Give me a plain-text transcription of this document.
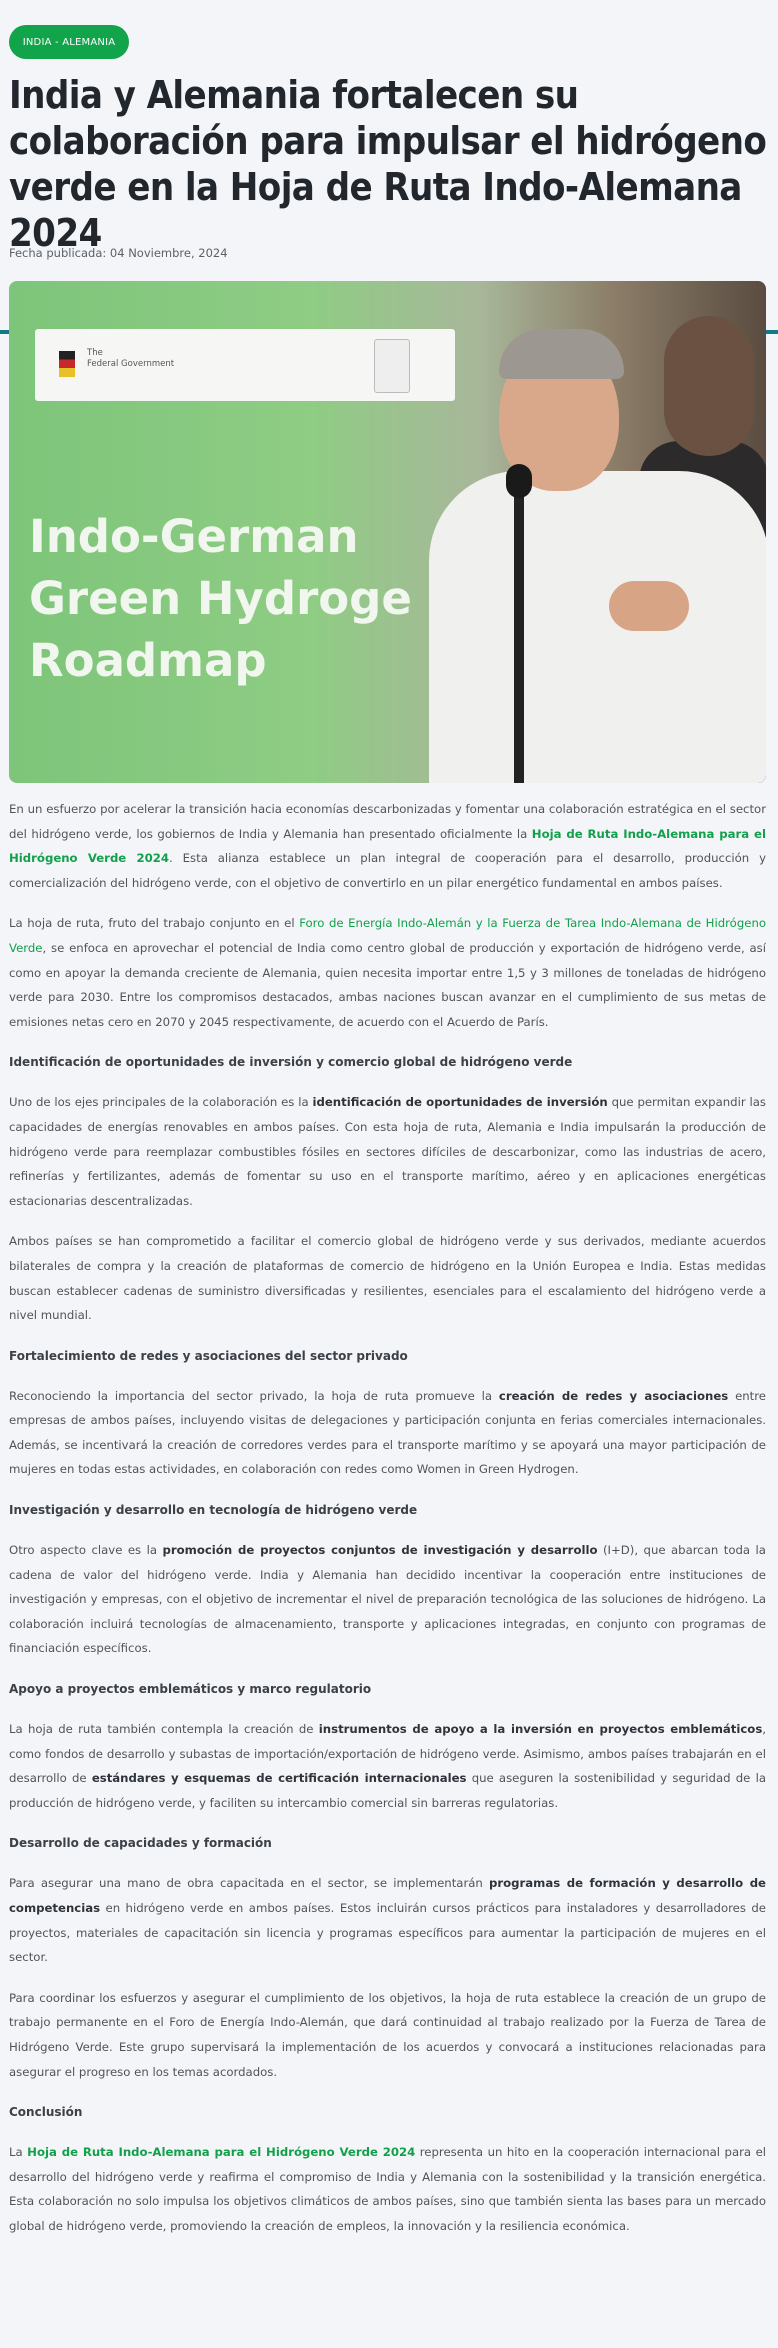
INDIA - ALEMANIA
India y Alemania fortalecen su colaboración para impulsar el hidrógeno verde en la Hoja de Ruta Indo-Alemana 2024
Fecha publicada: 04 Noviembre, 2024
The
Federal Government
Indo-German
Green Hydroge
Roadmap

En un esfuerzo por acelerar la transición hacia economías descarbonizadas y fomentar una colaboración estratégica en el sector del hidrógeno verde, los gobiernos de India y Alemania han presentado oficialmente la Hoja de Ruta Indo-Alemana para el Hidrógeno Verde 2024. Esta alianza establece un plan integral de cooperación para el desarrollo, producción y comercialización del hidrógeno verde, con el objetivo de convertirlo en un pilar energético fundamental en ambos países.

La hoja de ruta, fruto del trabajo conjunto en el Foro de Energía Indo-Alemán y la Fuerza de Tarea Indo-Alemana de Hidrógeno Verde, se enfoca en aprovechar el potencial de India como centro global de producción y exportación de hidrógeno verde, así como en apoyar la demanda creciente de Alemania, quien necesita importar entre 1,5 y 3 millones de toneladas de hidrógeno verde para 2030. Entre los compromisos destacados, ambas naciones buscan avanzar en el cumplimiento de sus metas de emisiones netas cero en 2070 y 2045 respectivamente, de acuerdo con el Acuerdo de París.

Identificación de oportunidades de inversión y comercio global de hidrógeno verde

Uno de los ejes principales de la colaboración es la identificación de oportunidades de inversión que permitan expandir las capacidades de energías renovables en ambos países. Con esta hoja de ruta, Alemania e India impulsarán la producción de hidrógeno verde para reemplazar combustibles fósiles en sectores difíciles de descarbonizar, como las industrias de acero, refinerías y fertilizantes, además de fomentar su uso en el transporte marítimo, aéreo y en aplicaciones energéticas estacionarias descentralizadas.

Ambos países se han comprometido a facilitar el comercio global de hidrógeno verde y sus derivados, mediante acuerdos bilaterales de compra y la creación de plataformas de comercio de hidrógeno en la Unión Europea e India. Estas medidas buscan establecer cadenas de suministro diversificadas y resilientes, esenciales para el escalamiento del hidrógeno verde a nivel mundial.

Fortalecimiento de redes y asociaciones del sector privado

Reconociendo la importancia del sector privado, la hoja de ruta promueve la creación de redes y asociaciones entre empresas de ambos países, incluyendo visitas de delegaciones y participación conjunta en ferias comerciales internacionales. Además, se incentivará la creación de corredores verdes para el transporte marítimo y se apoyará una mayor participación de mujeres en todas estas actividades, en colaboración con redes como Women in Green Hydrogen.

Investigación y desarrollo en tecnología de hidrógeno verde

Otro aspecto clave es la promoción de proyectos conjuntos de investigación y desarrollo (I+D), que abarcan toda la cadena de valor del hidrógeno verde. India y Alemania han decidido incentivar la cooperación entre instituciones de investigación y empresas, con el objetivo de incrementar el nivel de preparación tecnológica de las soluciones de hidrógeno. La colaboración incluirá tecnologías de almacenamiento, transporte y aplicaciones integradas, en conjunto con programas de financiación específicos.

Apoyo a proyectos emblemáticos y marco regulatorio

La hoja de ruta también contempla la creación de instrumentos de apoyo a la inversión en proyectos emblemáticos, como fondos de desarrollo y subastas de importación/exportación de hidrógeno verde. Asimismo, ambos países trabajarán en el desarrollo de estándares y esquemas de certificación internacionales que aseguren la sostenibilidad y seguridad de la producción de hidrógeno verde, y faciliten su intercambio comercial sin barreras regulatorias.

Desarrollo de capacidades y formación

Para asegurar una mano de obra capacitada en el sector, se implementarán programas de formación y desarrollo de competencias en hidrógeno verde en ambos países. Estos incluirán cursos prácticos para instaladores y desarrolladores de proyectos, materiales de capacitación sin licencia y programas específicos para aumentar la participación de mujeres en el sector.

Para coordinar los esfuerzos y asegurar el cumplimiento de los objetivos, la hoja de ruta establece la creación de un grupo de trabajo permanente en el Foro de Energía Indo-Alemán, que dará continuidad al trabajo realizado por la Fuerza de Tarea de Hidrógeno Verde. Este grupo supervisará la implementación de los acuerdos y convocará a instituciones relacionadas para asegurar el progreso en los temas acordados.

Conclusión

La Hoja de Ruta Indo-Alemana para el Hidrógeno Verde 2024 representa un hito en la cooperación internacional para el desarrollo del hidrógeno verde y reafirma el compromiso de India y Alemania con la sostenibilidad y la transición energética. Esta colaboración no solo impulsa los objetivos climáticos de ambos países, sino que también sienta las bases para un mercado global de hidrógeno verde, promoviendo la creación de empleos, la innovación y la resiliencia económica.
